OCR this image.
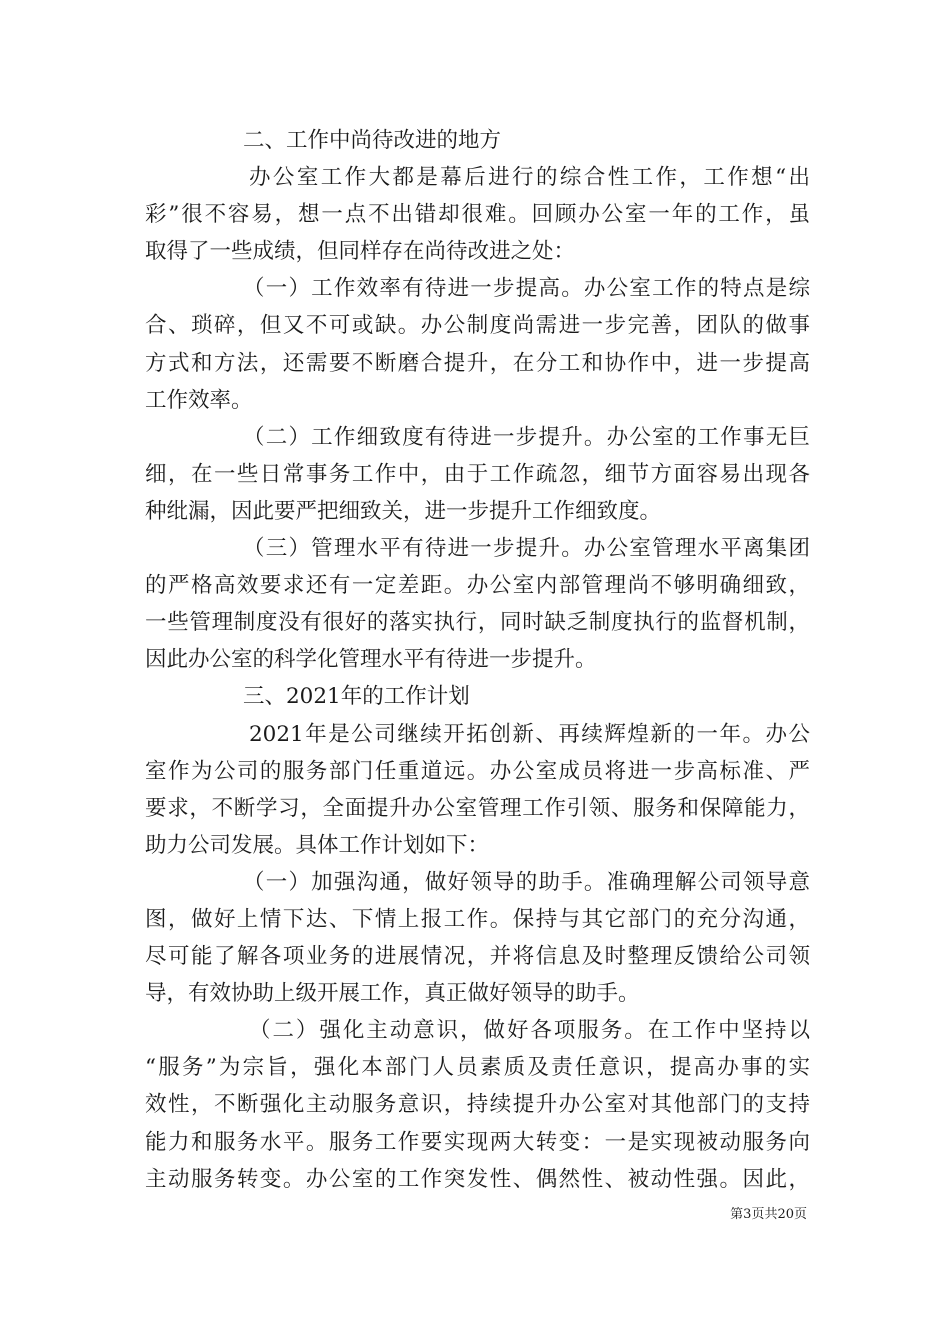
二、工作中尚待改进的地方
办公室工作大都是幕后进行的综合性工作，工作想“出
彩”很不容易，想一点不出错却很难。回顾办公室一年的工作，虽
取得了一些成绩，但同样存在尚待改进之处：
（一）工作效率有待进一步提高。办公室工作的特点是综
合、琐碎，但又不可或缺。办公制度尚需进一步完善，团队的做事
方式和方法，还需要不断磨合提升，在分工和协作中，进一步提高
工作效率。
（二）工作细致度有待进一步提升。办公室的工作事无巨
细，在一些日常事务工作中，由于工作疏忽，细节方面容易出现各
种纰漏，因此要严把细致关，进一步提升工作细致度。
（三）管理水平有待进一步提升。办公室管理水平离集团
的严格高效要求还有一定差距。办公室内部管理尚不够明确细致，
一些管理制度没有很好的落实执行，同时缺乏制度执行的监督机制，
因此办公室的科学化管理水平有待进一步提升。
三、2021年的工作计划
2021年是公司继续开拓创新、再续辉煌新的一年。办公
室作为公司的服务部门任重道远。办公室成员将进一步高标准、严
要求，不断学习，全面提升办公室管理工作引领、服务和保障能力，
助力公司发展。具体工作计划如下：
（一）加强沟通，做好领导的助手。准确理解公司领导意
图，做好上情下达、下情上报工作。保持与其它部门的充分沟通，
尽可能了解各项业务的进展情况，并将信息及时整理反馈给公司领
导，有效协助上级开展工作，真正做好领导的助手。
（二）强化主动意识，做好各项服务。在工作中坚持以
“服务”为宗旨，强化本部门人员素质及责任意识，提高办事的实
效性，不断强化主动服务意识，持续提升办公室对其他部门的支持
能力和服务水平。服务工作要实现两大转变：一是实现被动服务向
主动服务转变。办公室的工作突发性、偶然性、被动性强。因此，
第3页共20页
